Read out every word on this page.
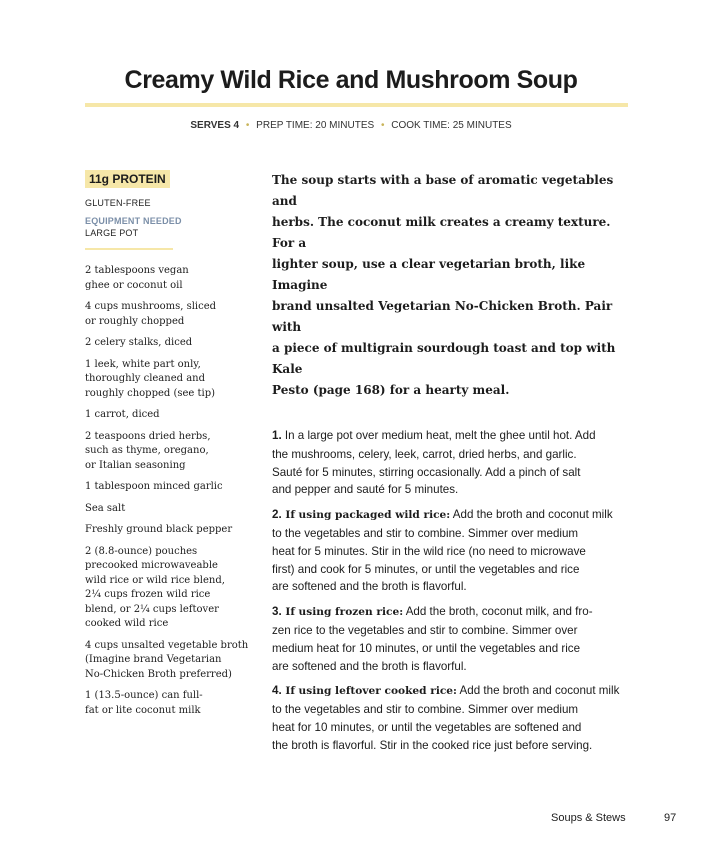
Creamy Wild Rice and Mushroom Soup
SERVES 4 • PREP TIME: 20 MINUTES • COOK TIME: 25 MINUTES
11g PROTEIN
GLUTEN-FREE
EQUIPMENT NEEDED
LARGE POT
2 tablespoons vegan
ghee or coconut oil
4 cups mushrooms, sliced
or roughly chopped
2 celery stalks, diced
1 leek, white part only,
thoroughly cleaned and
roughly chopped (see tip)
1 carrot, diced
2 teaspoons dried herbs,
such as thyme, oregano,
or Italian seasoning
1 tablespoon minced garlic
Sea salt
Freshly ground black pepper
2 (8.8-ounce) pouches
precooked microwaveable
wild rice or wild rice blend,
2¼ cups frozen wild rice
blend, or 2¼ cups leftover
cooked wild rice
4 cups unsalted vegetable broth
(Imagine brand Vegetarian
No-Chicken Broth preferred)
1 (13.5-ounce) can full-
fat or lite coconut milk

The soup starts with a base of aromatic vegetables and
herbs. The coconut milk creates a creamy texture. For a
lighter soup, use a clear vegetarian broth, like Imagine
brand unsalted Vegetarian No-Chicken Broth. Pair with
a piece of multigrain sourdough toast and top with Kale
Pesto (page 168) for a hearty meal.

1. In a large pot over medium heat, melt the ghee until hot. Add
the mushrooms, celery, leek, carrot, dried herbs, and garlic.
Sauté for 5 minutes, stirring occasionally. Add a pinch of salt
and pepper and sauté for 5 minutes.

2. If using packaged wild rice: Add the broth and coconut milk
to the vegetables and stir to combine. Simmer over medium
heat for 5 minutes. Stir in the wild rice (no need to microwave
first) and cook for 5 minutes, or until the vegetables and rice
are softened and the broth is flavorful.

3. If using frozen rice: Add the broth, coconut milk, and fro-
zen rice to the vegetables and stir to combine. Simmer over
medium heat for 10 minutes, or until the vegetables and rice
are softened and the broth is flavorful.

4. If using leftover cooked rice: Add the broth and coconut milk
to the vegetables and stir to combine. Simmer over medium
heat for 10 minutes, or until the vegetables are softened and
the broth is flavorful. Stir in the cooked rice just before serving.

Soups & Stews	97
